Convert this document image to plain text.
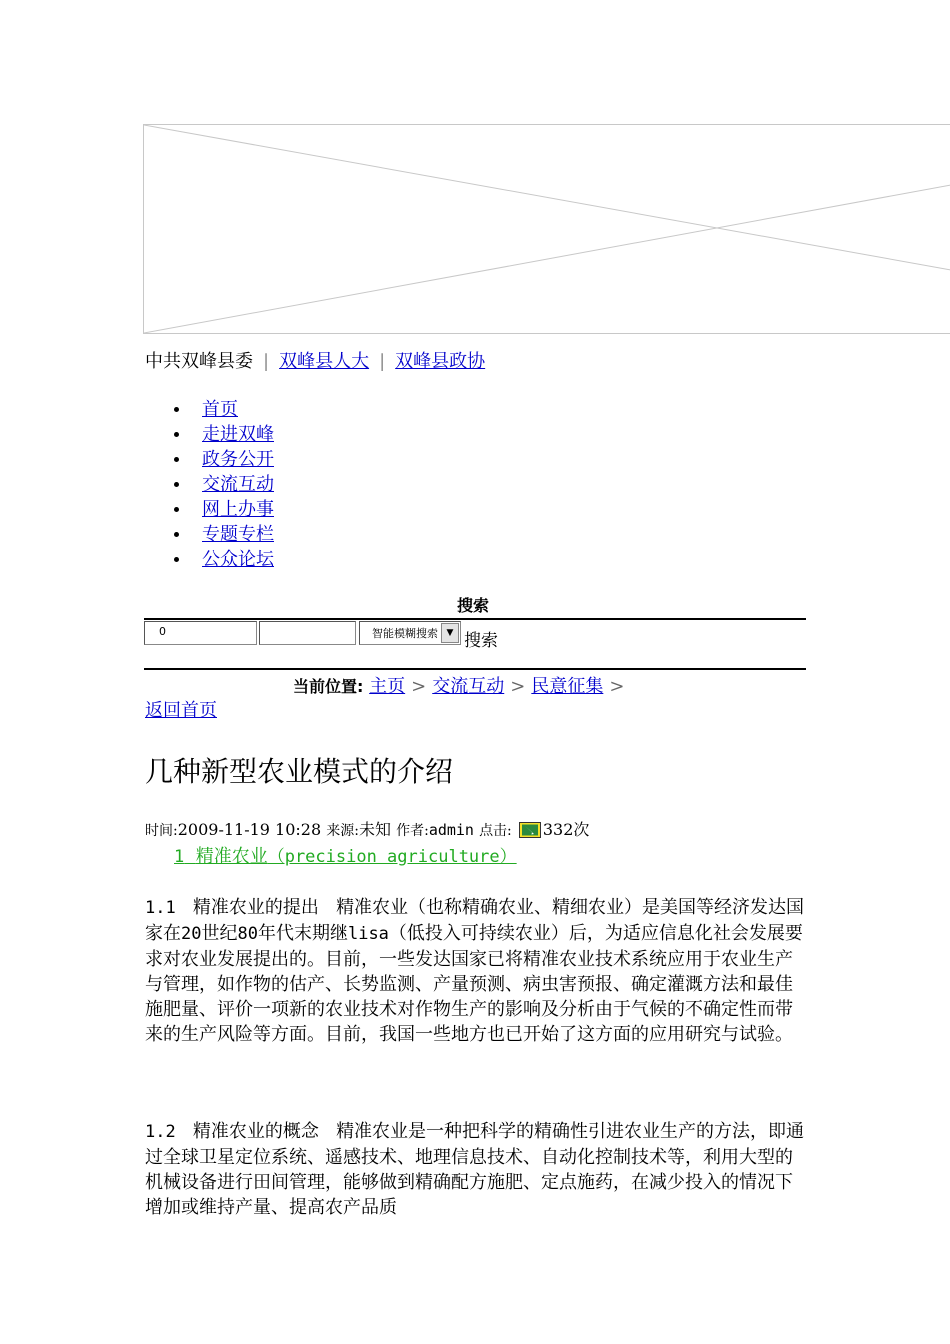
中共双峰县委 | 双峰县人大 | 双峰县政协
首页
走进双峰
政务公开
交流互动
网上办事
专题专栏
公众论坛
搜索
0	智能模糊搜索 ▼ 搜索
当前位置: 主页 > 交流互动 > 民意征集 >
返回首页
几种新型农业模式的介绍
时间:2009-11-19 10:28 来源:未知 作者:admin 点击: 332次
1 精准农业（precision agriculture）

1.1 精准农业的提出 精准农业（也称精确农业、精细农业）是美国等经济发达国家在20世纪80年代末期继lisa（低投入可持续农业）后，为适应信息化社会发展要求对农业发展提出的。目前，一些发达国家已将精准农业技术系统应用于农业生产与管理，如作物的估产、长势监测、产量预测、病虫害预报、确定灌溉方法和最佳施肥量、评价一项新的农业技术对作物生产的影响及分析由于气候的不确定性而带来的生产风险等方面。目前，我国一些地方也已开始了这方面的应用研究与试验。

1.2 精准农业的概念 精准农业是一种把科学的精确性引进农业生产的方法，即通过全球卫星定位系统、遥感技术、地理信息技术、自动化控制技术等，利用大型的机械设备进行田间管理，能够做到精确配方施肥、定点施药，在减少投入的情况下增加或维持产量、提高农产品质
